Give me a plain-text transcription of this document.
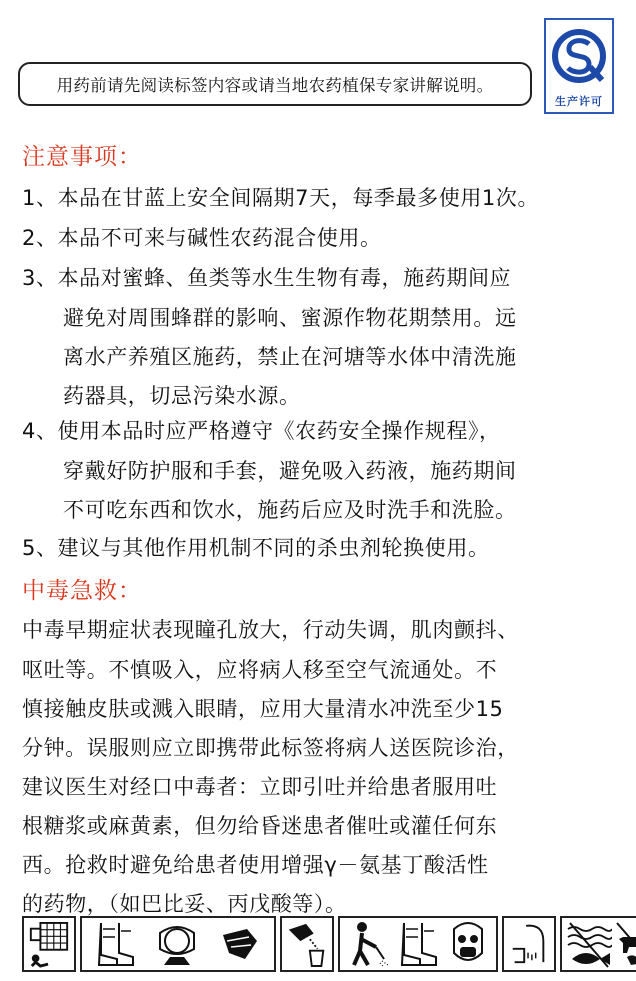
用药前请先阅读标签内容或请当地农药植保专家讲解说明。
生产许可
注意事项：
1、本品在甘蓝上安全间隔期7天，每季最多使用1次。
2、本品不可来与碱性农药混合使用。
3、本品对蜜蜂、鱼类等水生生物有毒，施药期间应
避免对周围蜂群的影响、蜜源作物花期禁用。远
离水产养殖区施药，禁止在河塘等水体中清洗施
药器具，切忌污染水源。
4、使用本品时应严格遵守《农药安全操作规程》，
穿戴好防护服和手套，避免吸入药液，施药期间
不可吃东西和饮水，施药后应及时洗手和洗脸。
5、建议与其他作用机制不同的杀虫剂轮换使用。
中毒急救：
中毒早期症状表现瞳孔放大，行动失调，肌肉颤抖、
呕吐等。不慎吸入，应将病人移至空气流通处。不
慎接触皮肤或溅入眼睛，应用大量清水冲洗至少15
分钟。误服则应立即携带此标签将病人送医院诊治，
建议医生对经口中毒者：立即引吐并给患者服用吐
根糖浆或麻黄素，但勿给昏迷患者催吐或灌任何东
西。抢救时避免给患者使用增强γ－氨基丁酸活性
的药物，（如巴比妥、丙戊酸等）。
